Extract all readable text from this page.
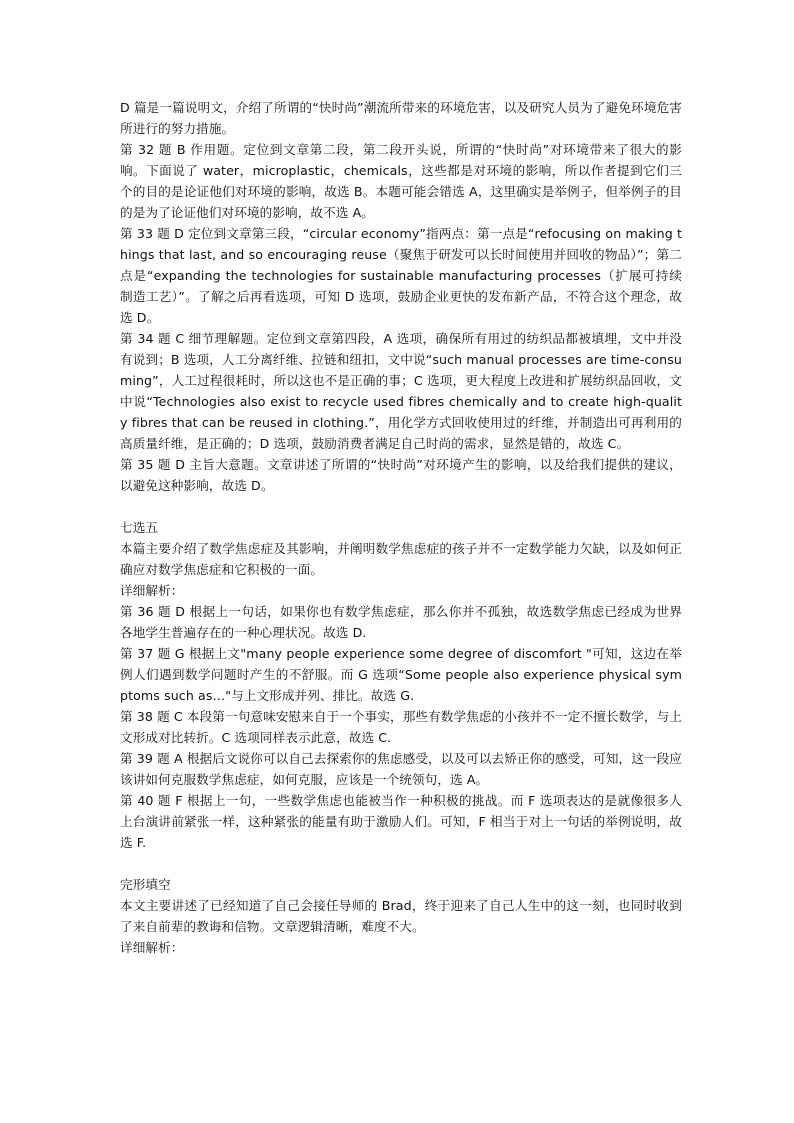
D 篇是一篇说明文，介绍了所谓的“快时尚”潮流所带来的环境危害，以及研究人员为了避免环境危害所进行的努力措施。

第 32 题 B 作用题。定位到文章第二段，第二段开头说，所谓的“快时尚”对环境带来了很大的影响。下面说了 water，microplastic，chemicals，这些都是对环境的影响，所以作者提到它们三个的目的是论证他们对环境的影响，故选 B。本题可能会错选 A，这里确实是举例子，但举例子的目的是为了论证他们对环境的影响，故不选 A。

第 33 题 D 定位到文章第三段，“circular economy”指两点：第一点是“refocusing on making things that last, and so encouraging reuse（聚焦于研发可以长时间使用并回收的物品）”；第二点是“expanding the technologies for sustainable manufacturing processes（扩展可持续制造工艺）”。了解之后再看选项，可知 D 选项，鼓励企业更快的发布新产品，不符合这个理念，故选 D。

第 34 题 C 细节理解题。定位到文章第四段，A 选项，确保所有用过的纺织品都被填埋，文中并没有说到；B 选项，人工分离纤维、拉链和纽扣，文中说“such manual processes are time-consuming”，人工过程很耗时，所以这也不是正确的事；C 选项，更大程度上改进和扩展纺织品回收，文中说“Technologies also exist to recycle used fibres chemically and to create high-quality fibres that can be reused in clothing.”，用化学方式回收使用过的纤维，并制造出可再利用的高质量纤维，是正确的；D 选项，鼓励消费者满足自己时尚的需求，显然是错的，故选 C。

第 35 题 D 主旨大意题。文章讲述了所谓的“快时尚”对环境产生的影响，以及给我们提供的建议，以避免这种影响，故选 D。

七选五

本篇主要介绍了数学焦虑症及其影响，并阐明数学焦虑症的孩子并不一定数学能力欠缺，以及如何正确应对数学焦虑症和它积极的一面。

详细解析：

第 36 题 D 根据上一句话，如果你也有数学焦虑症，那么你并不孤独，故选数学焦虑已经成为世界各地学生普遍存在的一种心理状况。故选 D.

第 37 题 G 根据上文"many people experience some degree of discomfort "可知，这边在举例人们遇到数学问题时产生的不舒服。而 G 选项“Some people also experience physical symptoms such as…"与上文形成并列、排比。故选 G.

第 38 题 C 本段第一句意味安慰来自于一个事实，那些有数学焦虑的小孩并不一定不擅长数学，与上文形成对比转折。C 选项同样表示此意，故选 C.

第 39 题 A 根据后文说你可以自己去探索你的焦虑感受，以及可以去矫正你的感受，可知，这一段应该讲如何克服数学焦虑症，如何克服，应该是一个统领句，选 A。

第 40 题 F 根据上一句，一些数学焦虑也能被当作一种积极的挑战。而 F 选项表达的是就像很多人上台演讲前紧张一样，这种紧张的能量有助于激励人们。可知，F 相当于对上一句话的举例说明，故选 F.

完形填空

本文主要讲述了已经知道了自己会接任导师的 Brad，终于迎来了自己人生中的这一刻，也同时收到了来自前辈的教诲和信物。文章逻辑清晰，难度不大。

详细解析：
